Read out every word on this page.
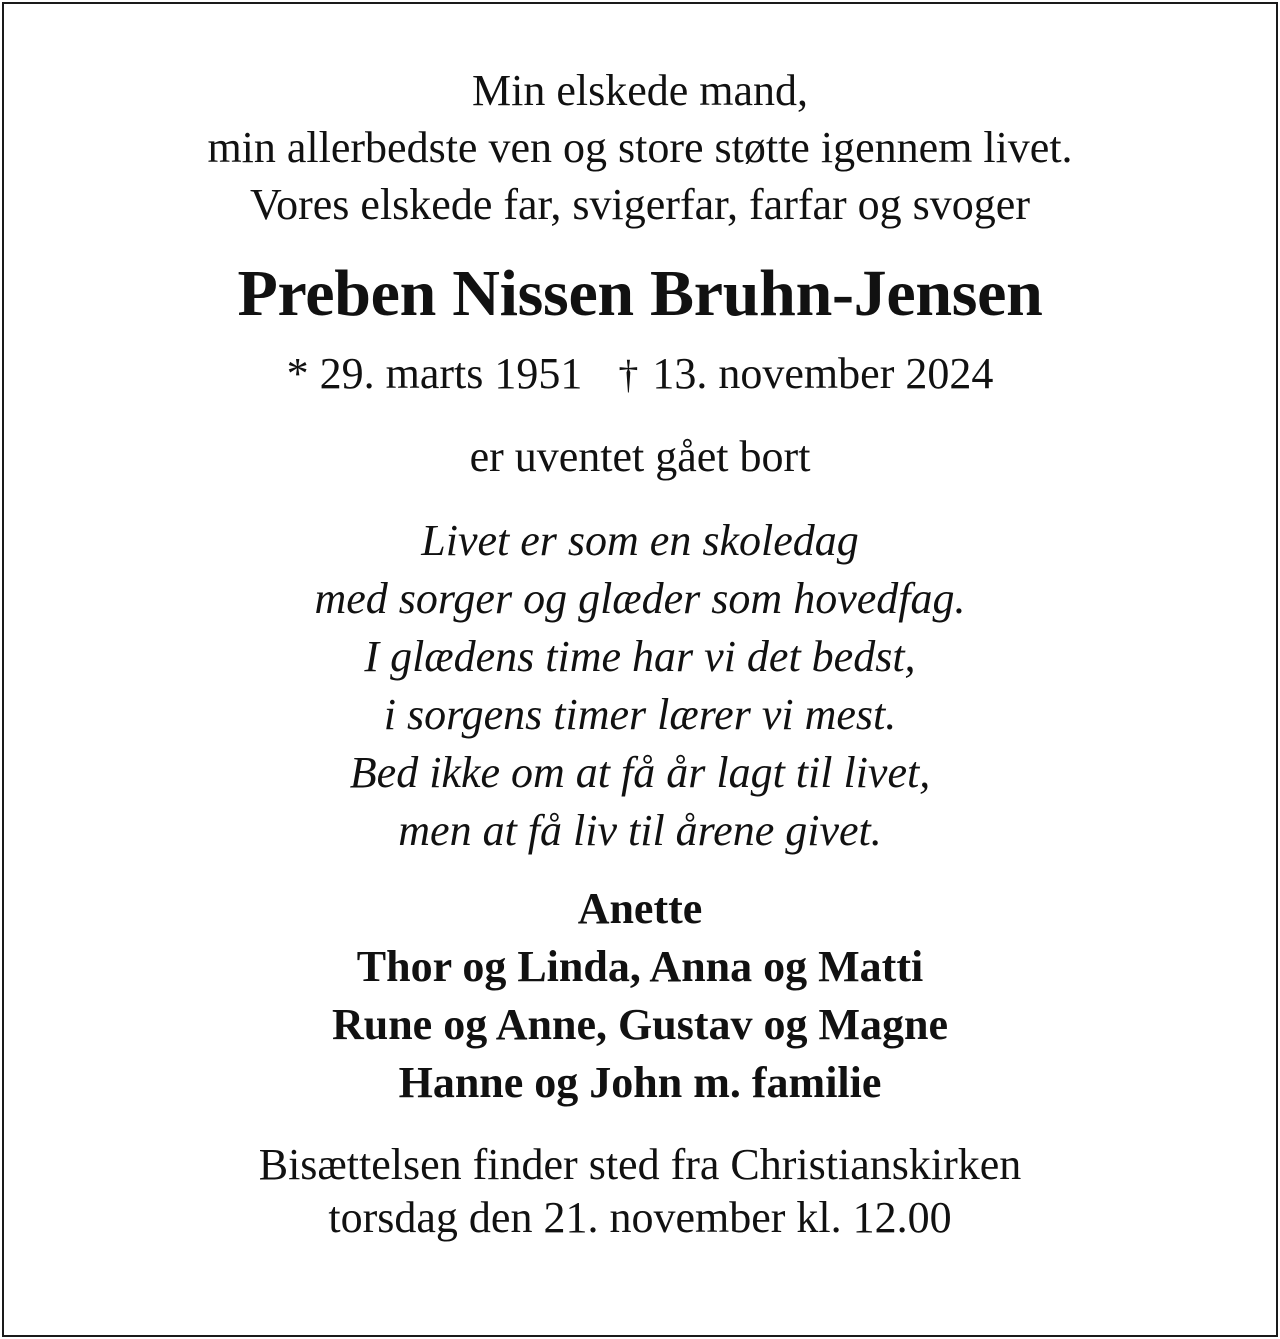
Min elskede mand,
min allerbedste ven og store støtte igennem livet.
Vores elskede far, svigerfar, farfar og svoger
Preben Nissen Bruhn-Jensen
* 29. marts 1951 † 13. november 2024
er uventet gået bort
Livet er som en skoledag
med sorger og glæder som hovedfag.
I glædens time har vi det bedst,
i sorgens timer lærer vi mest.
Bed ikke om at få år lagt til livet,
men at få liv til årene givet.
Anette
Thor og Linda, Anna og Matti
Rune og Anne, Gustav og Magne
Hanne og John m. familie
Bisættelsen finder sted fra Christianskirken
torsdag den 21. november kl. 12.00
